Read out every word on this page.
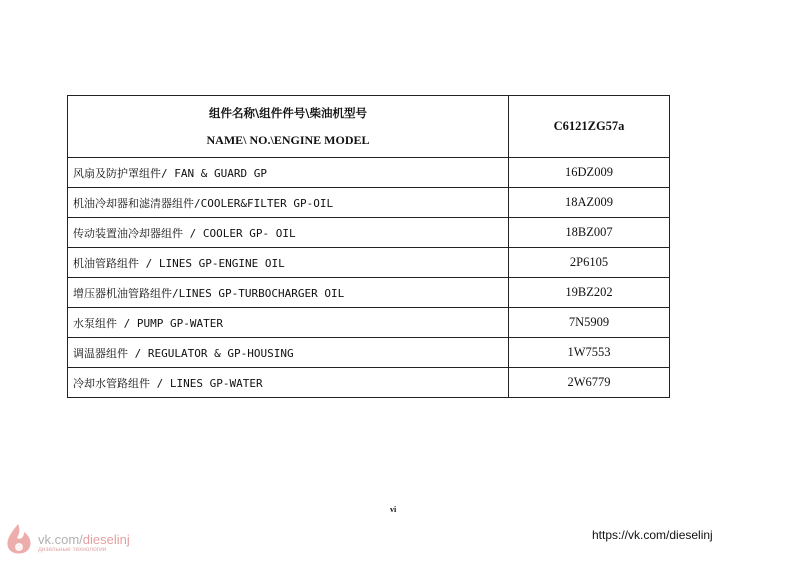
组件名称\组件件号\柴油机型号
NAME\ NO.\ENGINE MODEL	C6121ZG57a
风扇及防护罩组件/ FAN & GUARD GP	16DZ009
机油冷却器和滤清器组件/COOLER&FILTER GP-OIL	18AZ009
传动装置油冷却器组件 / COOLER GP- OIL	18BZ007
机油管路组件 / LINES GP-ENGINE OIL	2P6105
增压器机油管路组件/LINES GP-TURBOCHARGER OIL	19BZ202
水泵组件 / PUMP GP-WATER	7N5909
调温器组件 / REGULATOR & GP-HOUSING	1W7553
冷却水管路组件 / LINES GP-WATER	2W6779
vi
vk.com/dieselinj
дизельные технологии
https://vk.com/dieselinj
